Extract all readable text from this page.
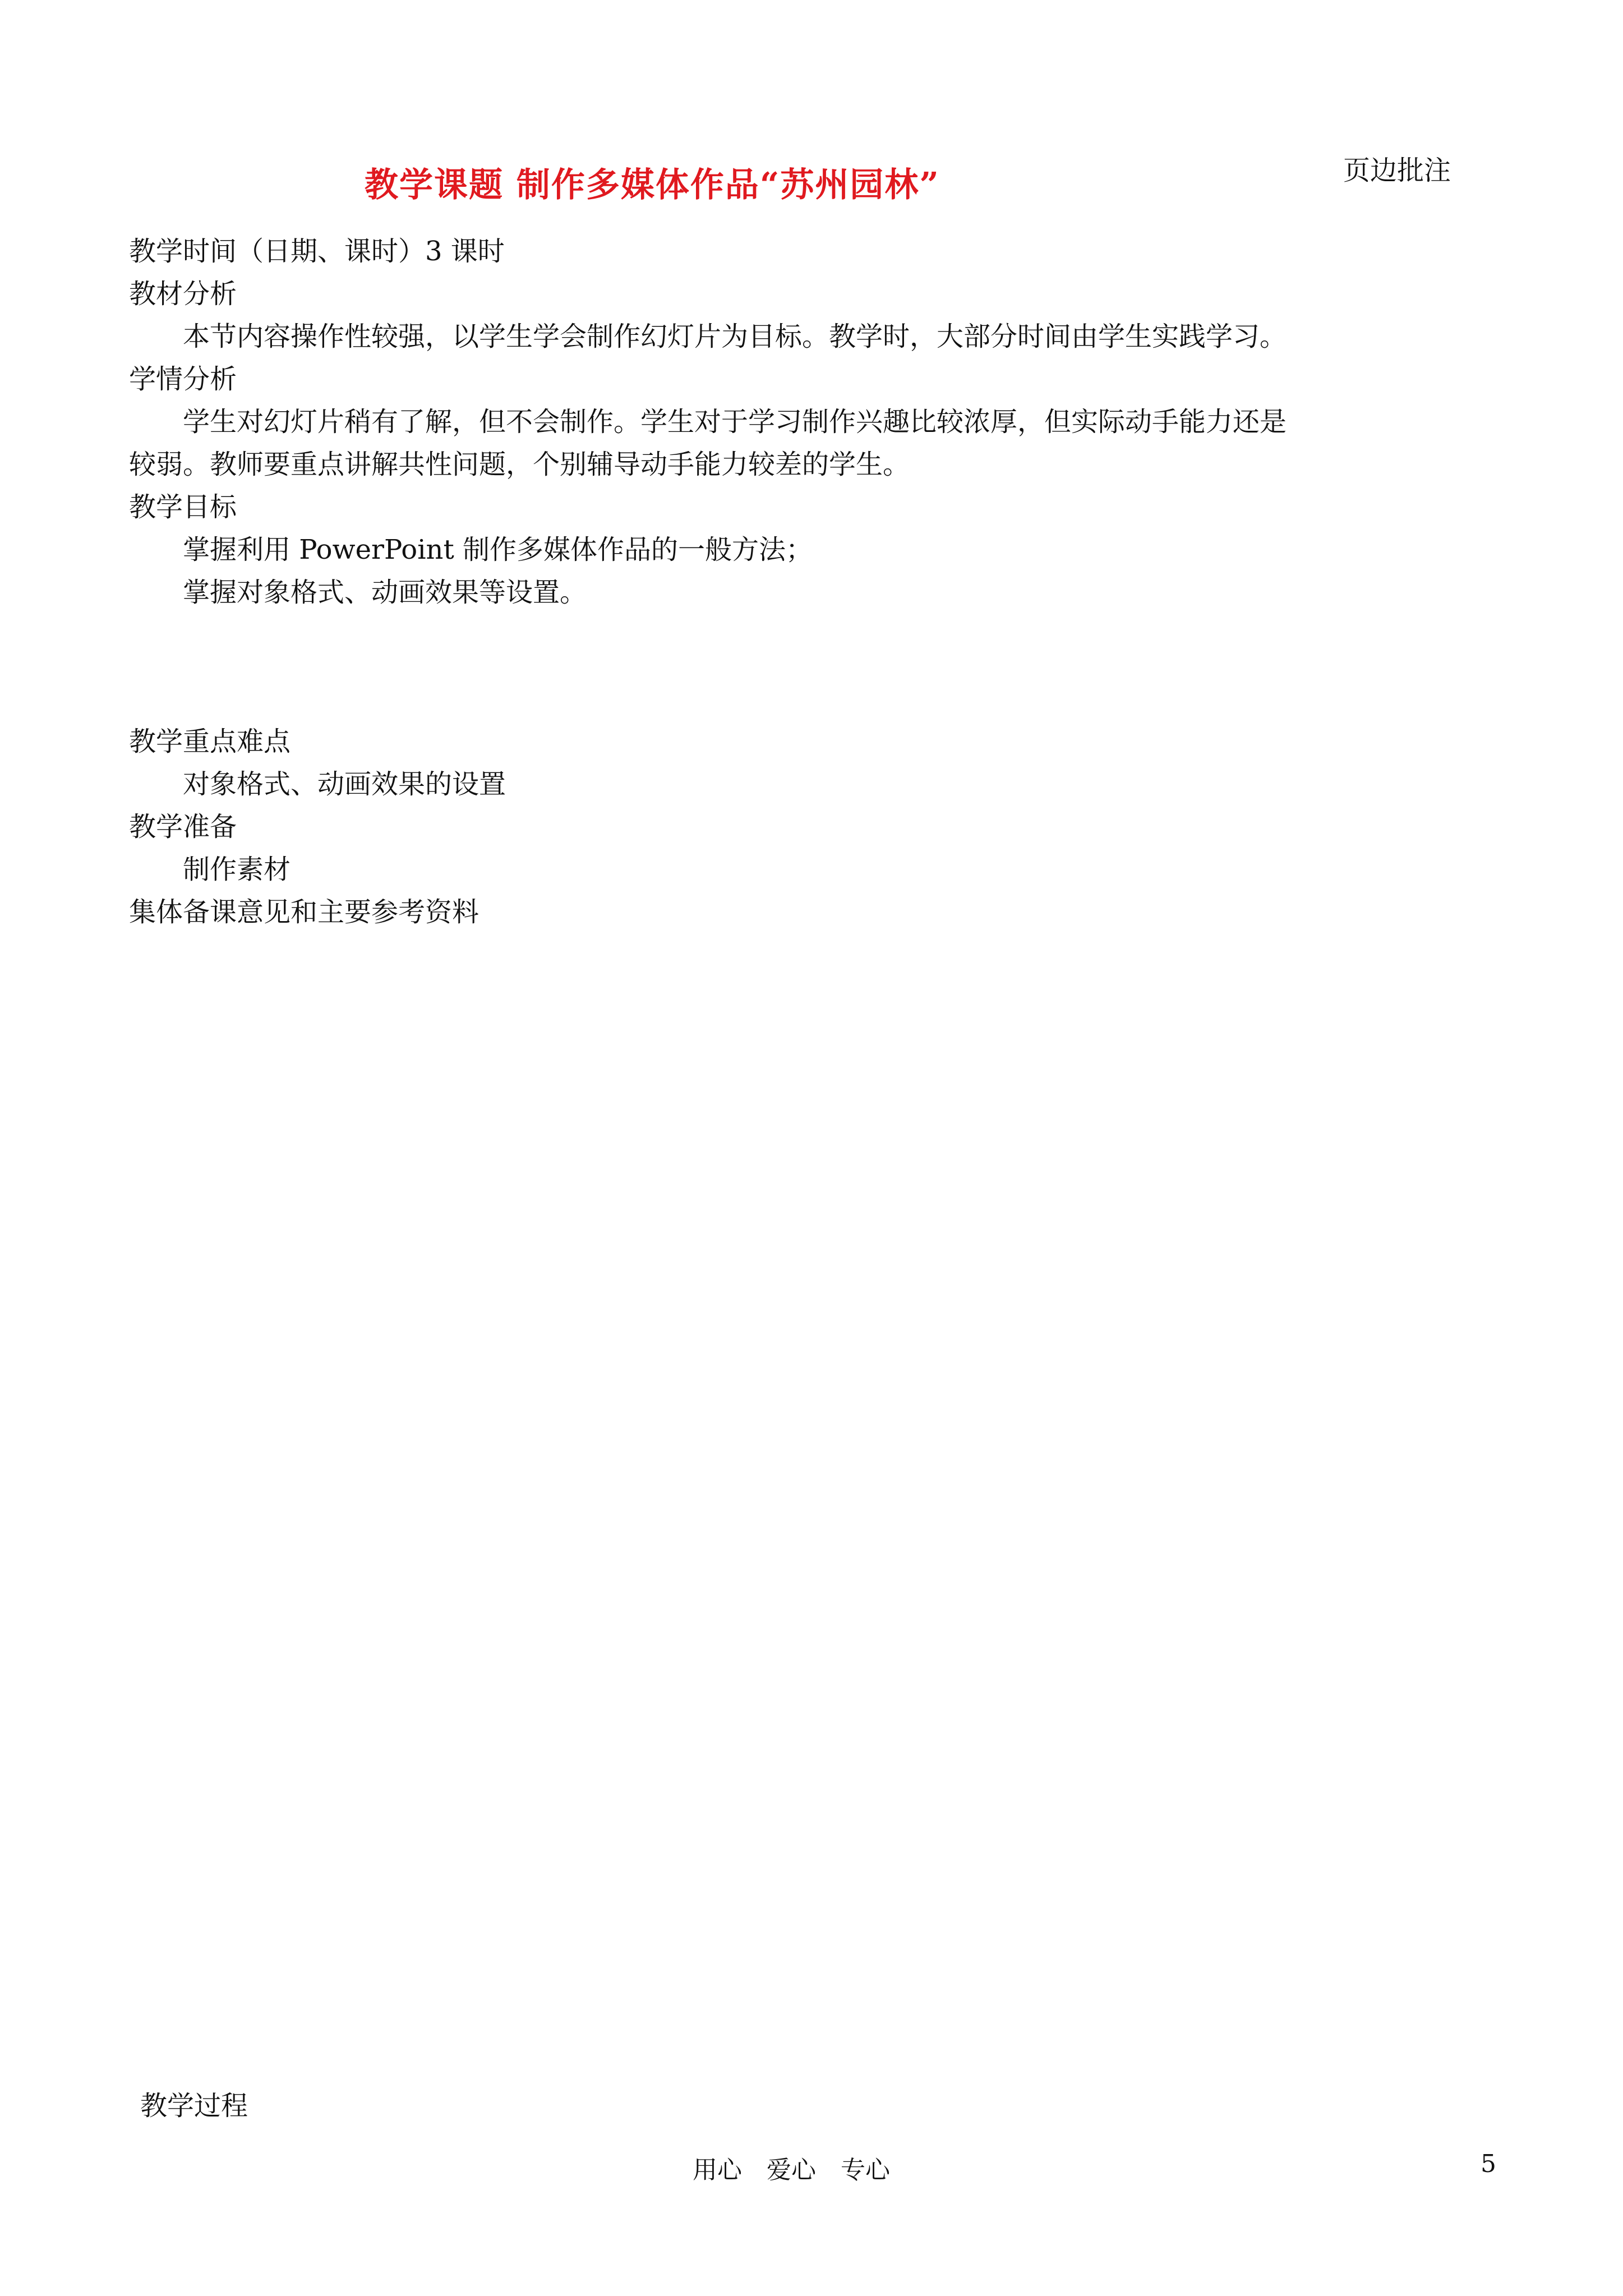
教学课题 制作多媒体作品“苏州园林”	页边批注
教学时间（日期、课时）3 课时
教材分析
本节内容操作性较强，以学生学会制作幻灯片为目标。教学时，大部分时间由学生实践学习。
学情分析
学生对幻灯片稍有了解，但不会制作。学生对于学习制作兴趣比较浓厚，但实际动手能力还是较弱。教师要重点讲解共性问题，个别辅导动手能力较差的学生。
教学目标
掌握利用 PowerPoint 制作多媒体作品的一般方法；
掌握对象格式、动画效果等设置。
教学重点难点
对象格式、动画效果的设置
教学准备
制作素材
集体备课意见和主要参考资料
教学过程
用心　爱心　专心	5
